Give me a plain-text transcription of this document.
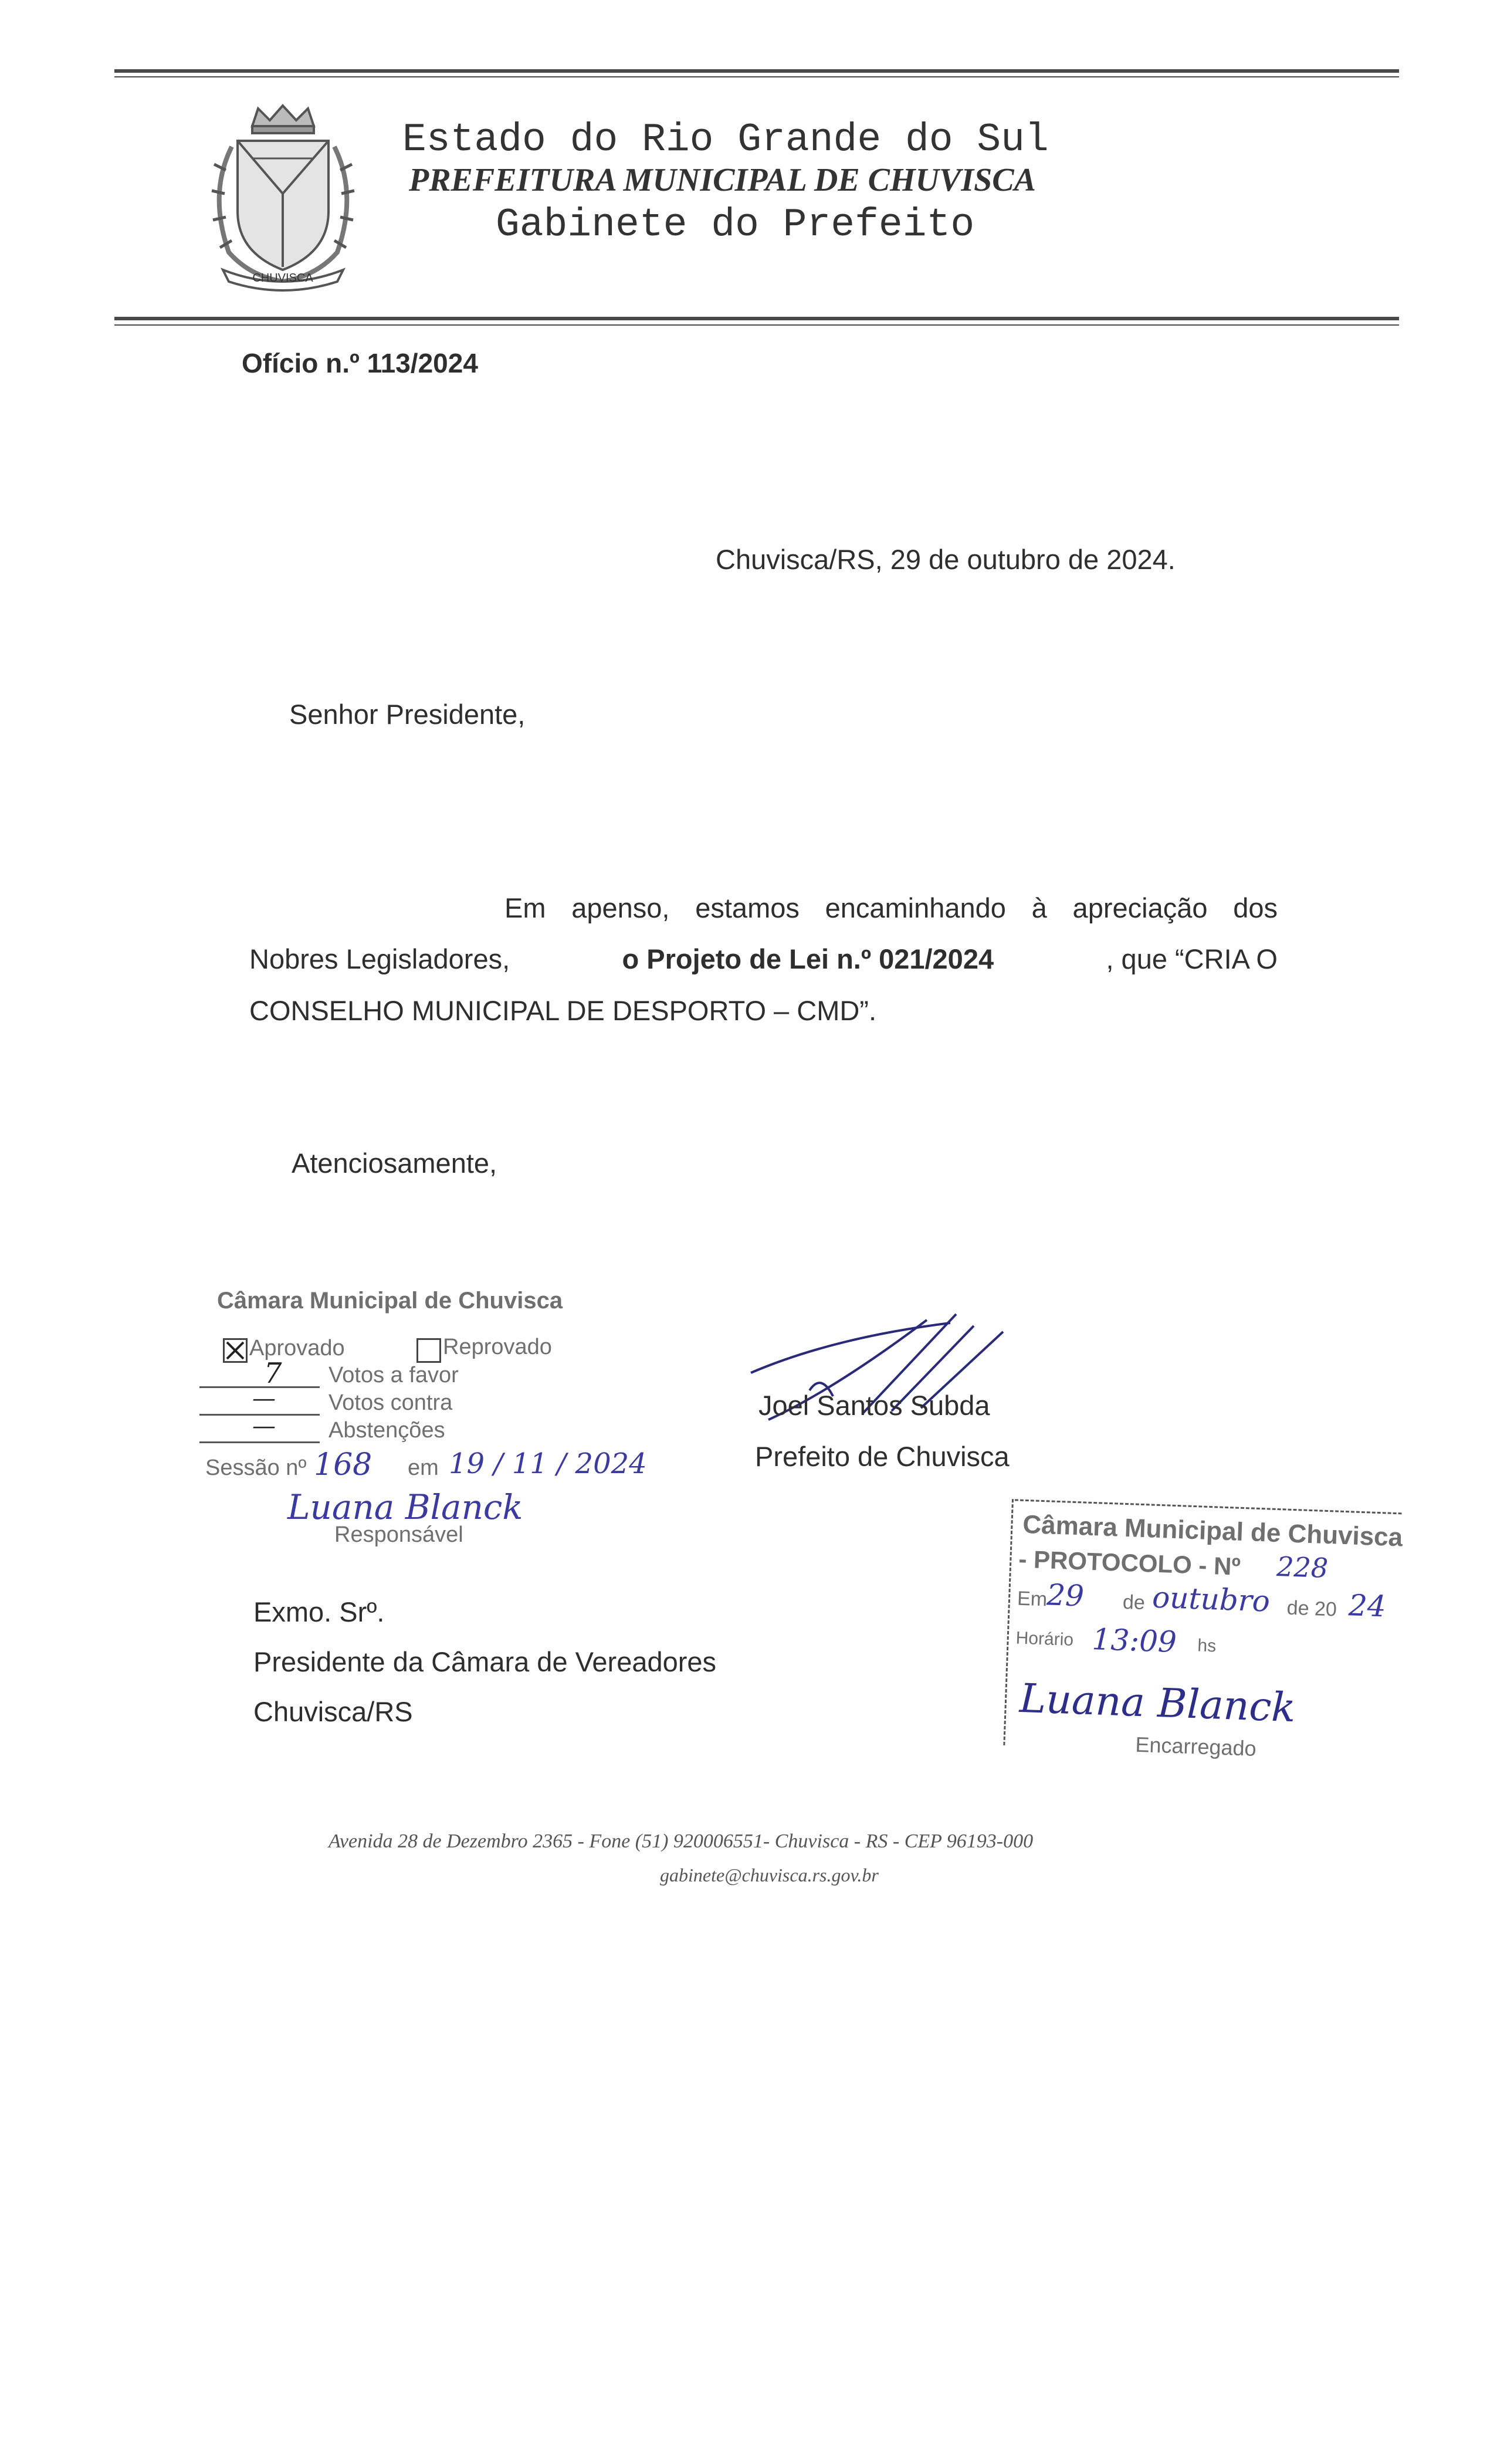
CHUVISCA
Estado do Rio Grande do Sul
PREFEITURA MUNICIPAL DE CHUVISCA
Gabinete do Prefeito
Ofício n.º 113/2024
Chuvisca/RS, 29 de outubro de 2024.
Senhor Presidente,
Em apenso, estamos encaminhando à apreciação dos
Nobres Legisladores,	o Projeto de Lei n.º 021/2024	, que “CRIA O
CONSELHO MUNICIPAL DE DESPORTO – CMD”.
Atenciosamente,
Câmara Municipal de Chuvisca
Aprovado	Reprovado
7 Votos a favor
— Votos contra
— Abstenções
Sessão nº 168 em 19 / 11 / 2024
Luana Blanck
Responsável
Joel Santos Subda
Prefeito de Chuvisca
Câmara Municipal de Chuvisca
- PROTOCOLO - Nº 228
Em
29 de outubro de 20 24
Horário 13:09 hs
Luana Blanck
Encarregado
Exmo. Srº.
Presidente da Câmara de Vereadores
Chuvisca/RS
Avenida 28 de Dezembro 2365 - Fone (51) 920006551- Chuvisca - RS - CEP 96193-000
gabinete@chuvisca.rs.gov.br
